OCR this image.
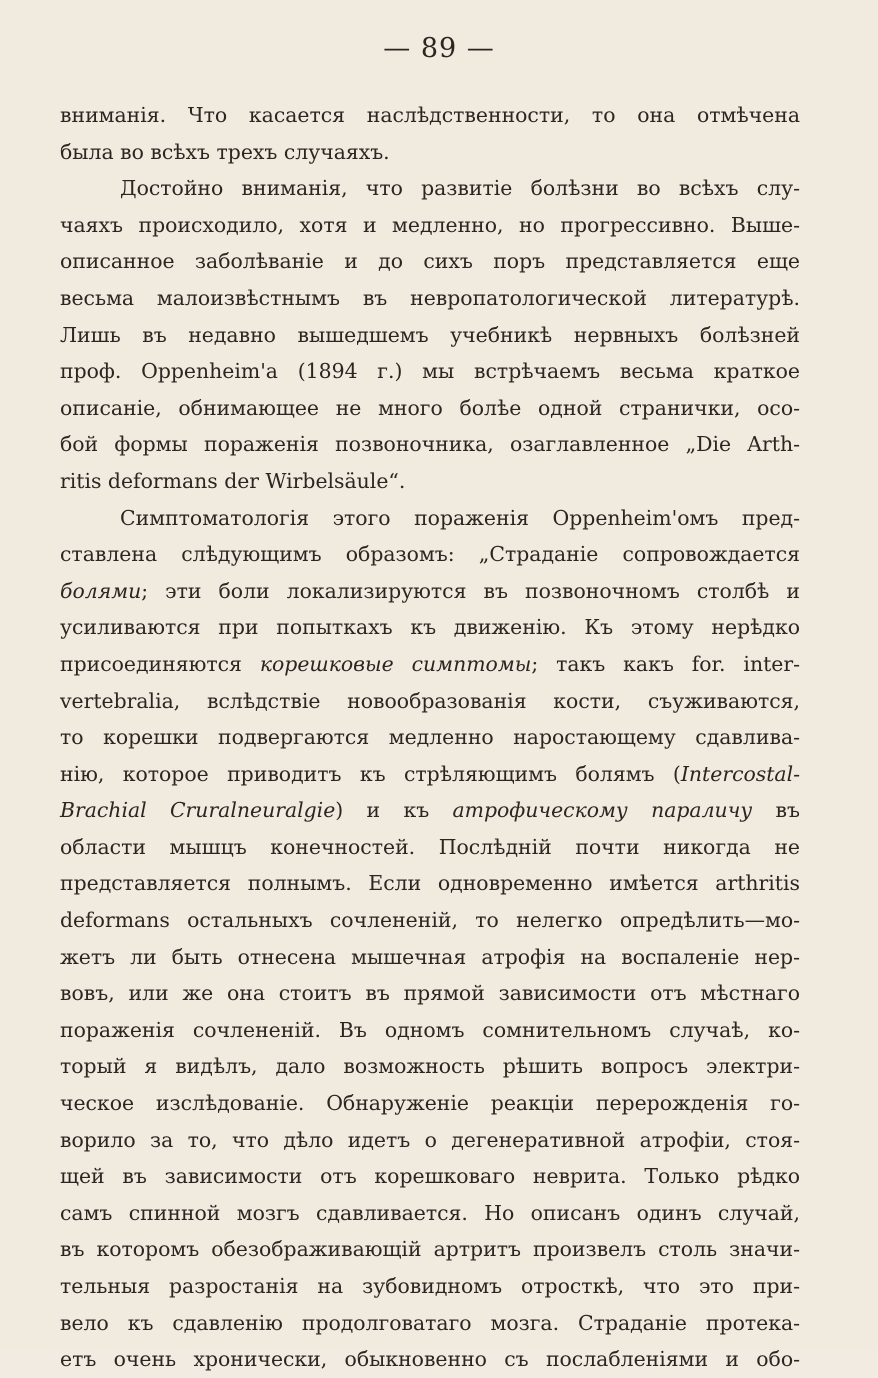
— 89 —
вниманія. Что касается наслѣдственности, то она отмѣчена
была во всѣхъ трехъ случаяхъ.
Достойно вниманія, что развитіе болѣзни во всѣхъ слу-
чаяхъ происходило, хотя и медленно, но прогрессивно. Выше-
описанное заболѣваніе и до сихъ поръ представляется еще
весьма малоизвѣстнымъ въ невропатологической литературѣ.
Лишь въ недавно вышедшемъ учебникѣ нервныхъ болѣзней
проф. Oppenheim'а (1894 г.) мы встрѣчаемъ весьма краткое
описаніе, обнимающее не много болѣе одной странички, осо-
бой формы пораженія позвоночника, озаглавленное „Die Arth-
ritis deformans der Wirbelsäule“.
Симптоматологія этого пораженія Oppenheim'омъ пред-
ставлена слѣдующимъ образомъ: „Страданіе сопровождается
болями; эти боли локализируются въ позвоночномъ столбѣ и
усиливаются при попыткахъ къ движенію. Къ этому нерѣдко
присоединяются корешковые симптомы; такъ какъ for. inter-
vertebralia, вслѣдствіе новообразованія кости, съуживаются,
то корешки подвергаются медленно наростающему сдавлива-
нію, которое приводитъ къ стрѣляющимъ болямъ (Intercostal-
Brachial Cruralneuralgie) и къ атрофическому параличу въ
области мышцъ конечностей. Послѣдній почти никогда не
представляется полнымъ. Если одновременно имѣется arthritis
deformans остальныхъ сочлененій, то нелегко опредѣлить—мо-
жетъ ли быть отнесена мышечная атрофія на воспаленіе нер-
вовъ, или же она стоитъ въ прямой зависимости отъ мѣстнаго
пораженія сочлененій. Въ одномъ сомнительномъ случаѣ, ко-
торый я видѣлъ, дало возможность рѣшить вопросъ электри-
ческое изслѣдованіе. Обнаруженіе реакціи перерожденія го-
ворило за то, что дѣло идетъ о дегенеративной атрофіи, стоя-
щей въ зависимости отъ корешковаго неврита. Только рѣдко
самъ спинной мозгъ сдавливается. Но описанъ одинъ случай,
въ которомъ обезображивающій артритъ произвелъ столь значи-
тельныя разростанія на зубовидномъ отросткѣ, что это при-
вело къ сдавленію продолговатаго мозга. Страданіе протека-
етъ очень хронически, обыкновенно съ послабленіями и обо-
